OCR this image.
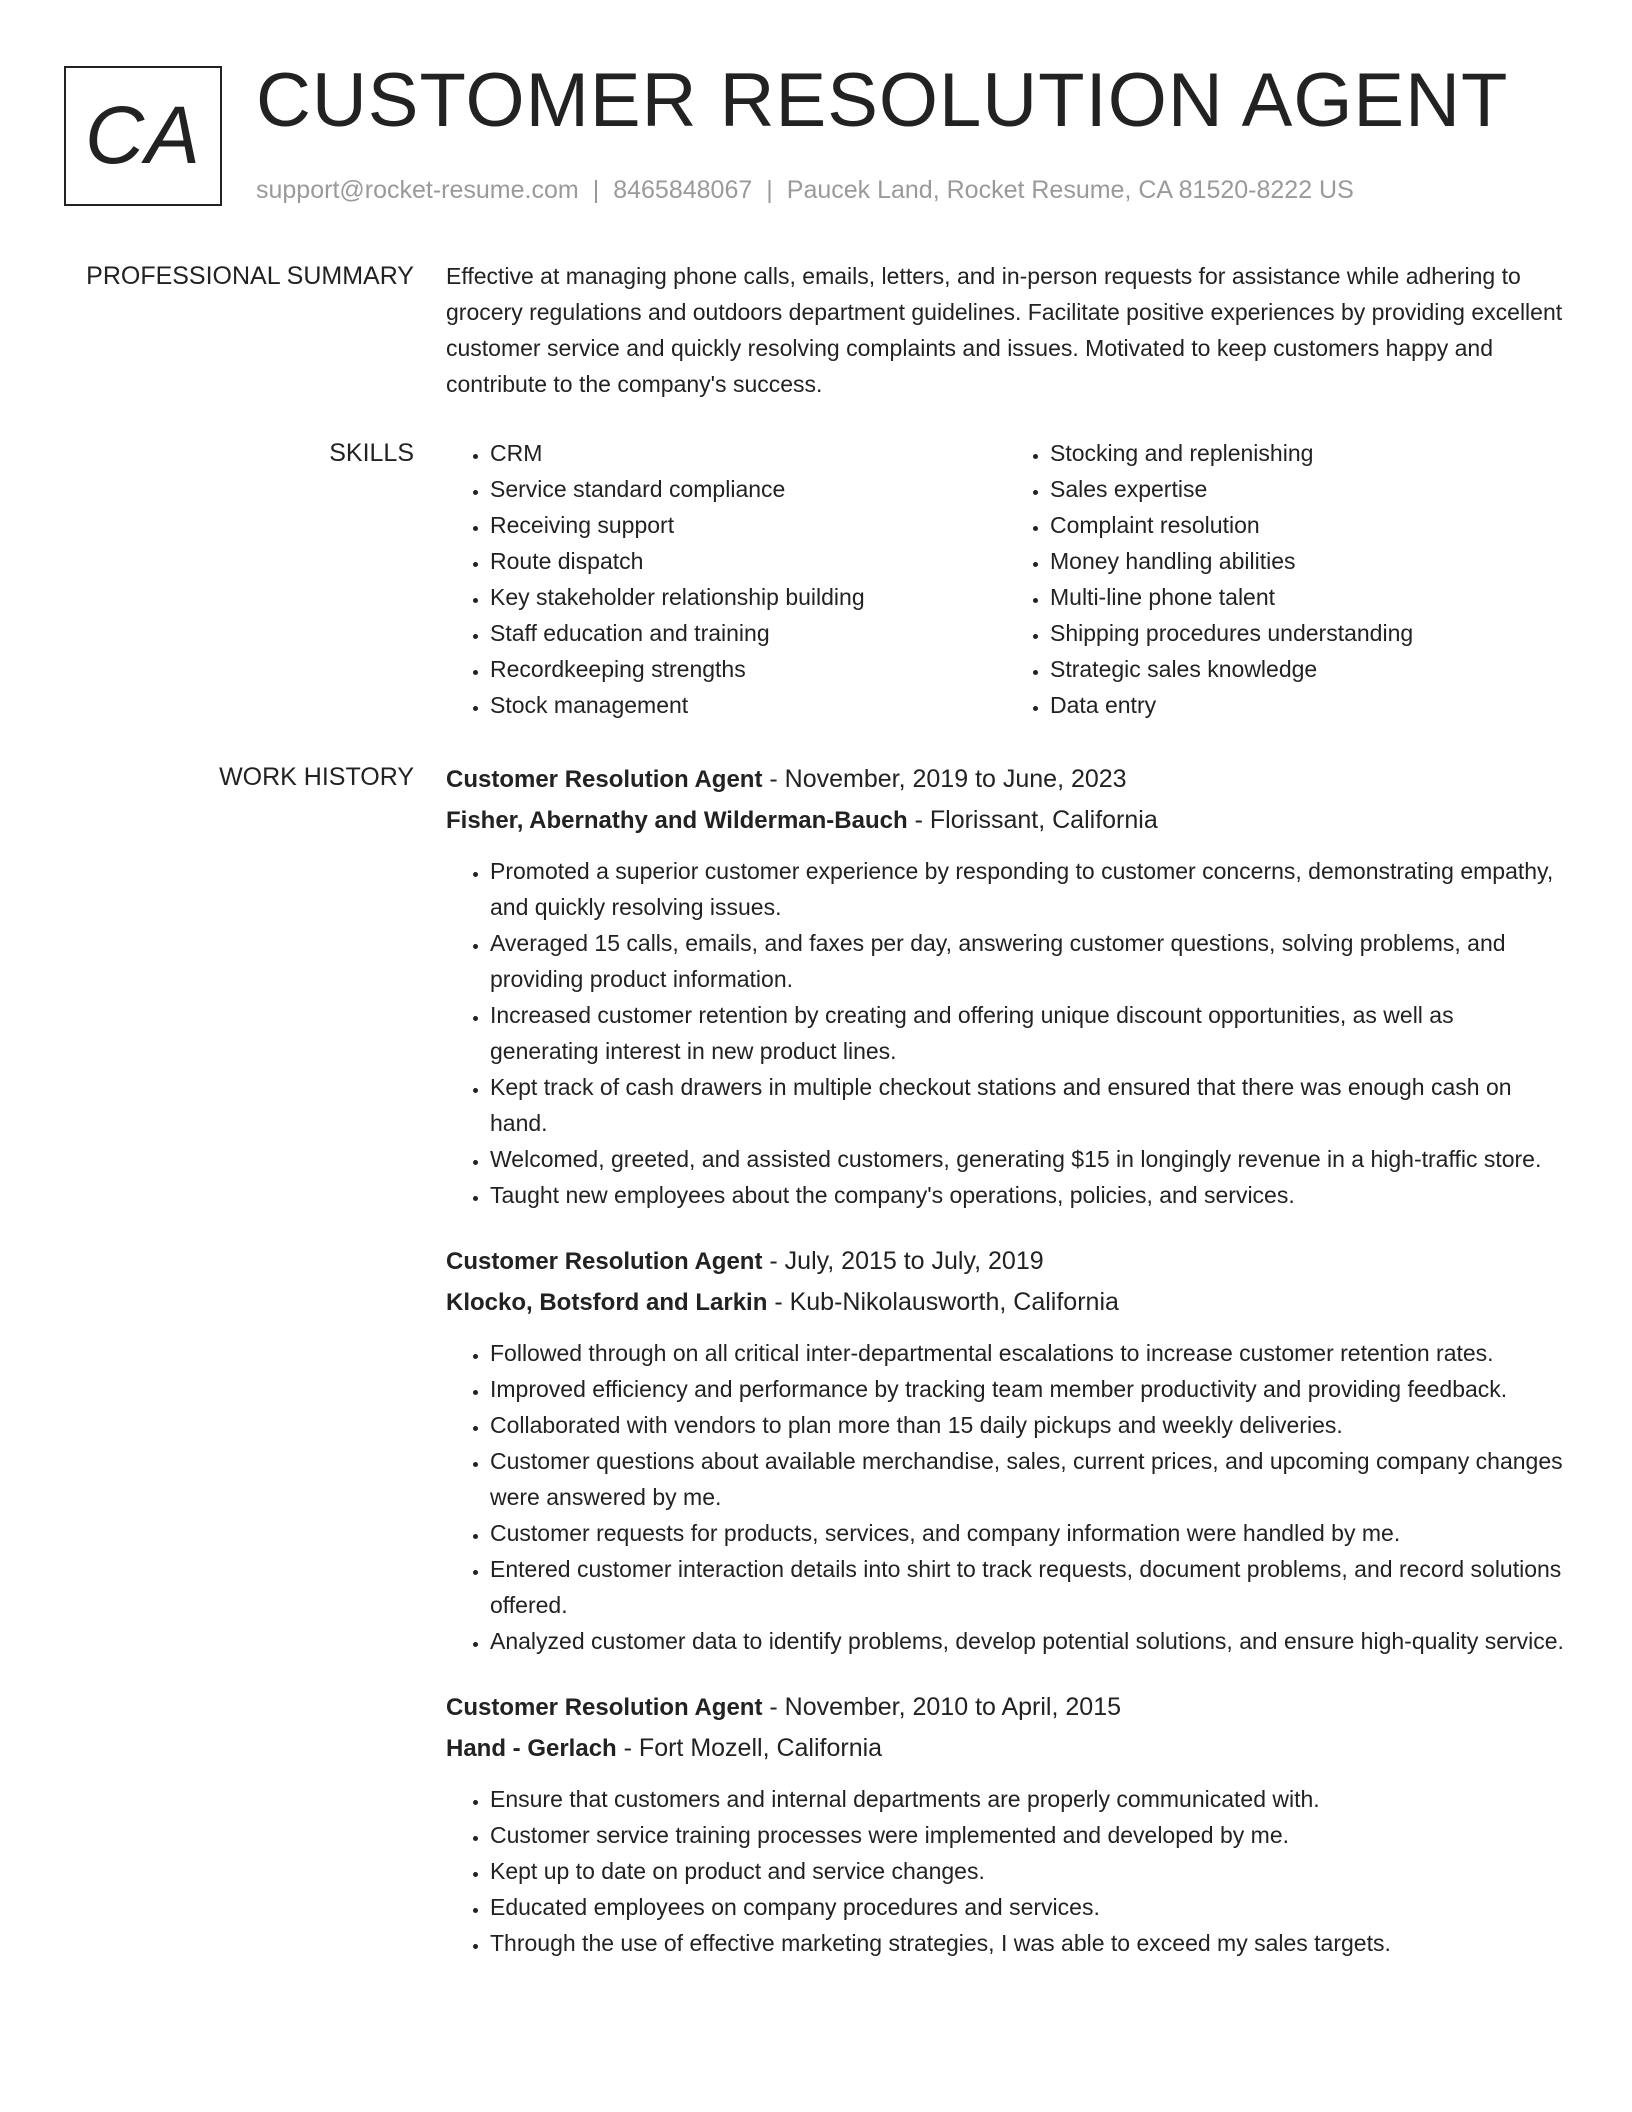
CA CUSTOMER RESOLUTION AGENT
support@rocket-resume.com | 8465848067 | Paucek Land, Rocket Resume, CA 81520-8222 US
PROFESSIONAL SUMMARY Effective at managing phone calls, emails, letters, and in-person requests for assistance while adhering to grocery regulations and outdoors department guidelines. Facilitate positive experiences by providing excellent customer service and quickly resolving complaints and issues. Motivated to keep customers happy and contribute to the company's success.

SKILLS
•	CRM
• Service standard compliance
• Receiving support
• Route dispatch
• Key stakeholder relationship building
• Staff education and training
• Recordkeeping strengths
• Stock management
• Stocking and replenishing
• Sales expertise
• Complaint resolution
• Money handling abilities
• Multi-line phone talent
• Shipping procedures understanding
• Strategic sales knowledge
• Data entry
WORK HISTORY Customer Resolution Agent - November, 2019 to June, 2023
Fisher, Abernathy and Wilderman-Bauch - Florissant, California
• Promoted a superior customer experience by responding to customer concerns, demonstrating empathy, and quickly resolving issues.
• Averaged 15 calls, emails, and faxes per day, answering customer questions, solving problems, and providing product information.
• Increased customer retention by creating and offering unique discount opportunities, as well as generating interest in new product lines.
• Kept track of cash drawers in multiple checkout stations and ensured that there was enough cash on hand.
• Welcomed, greeted, and assisted customers, generating $15 in longingly revenue in a high-traffic store.
• Taught new employees about the company's operations, policies, and services.
Customer Resolution Agent - July, 2015 to July, 2019
Klocko, Botsford and Larkin - Kub-Nikolausworth, California
• Followed through on all critical inter-departmental escalations to increase customer retention rates.
• Improved efficiency and performance by tracking team member productivity and providing feedback.
• Collaborated with vendors to plan more than 15 daily pickups and weekly deliveries.
• Customer questions about available merchandise, sales, current prices, and upcoming company changes were answered by me.
• Customer requests for products, services, and company information were handled by me.
• Entered customer interaction details into shirt to track requests, document problems, and record solutions offered.
• Analyzed customer data to identify problems, develop potential solutions, and ensure high-quality service.
Customer Resolution Agent - November, 2010 to April, 2015
Hand - Gerlach - Fort Mozell, California
• Ensure that customers and internal departments are properly communicated with.
• Customer service training processes were implemented and developed by me.
• Kept up to date on product and service changes.
• Educated employees on company procedures and services.
• Through the use of effective marketing strategies, I was able to exceed my sales targets.
